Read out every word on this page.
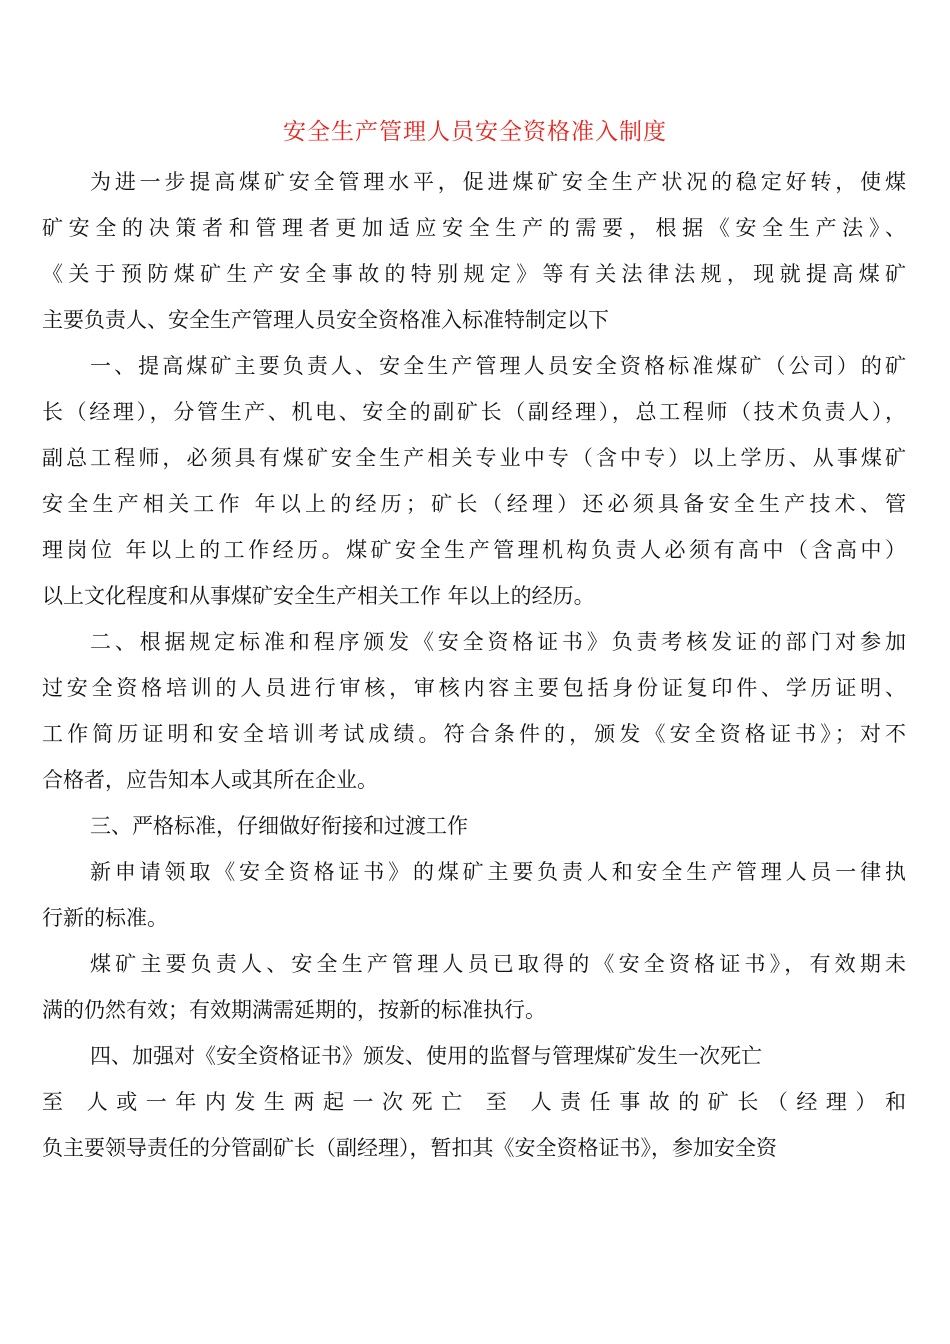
安全生产管理人员安全资格准入制度
为进一步提高煤矿安全管理水平，促进煤矿安全生产状况的稳定好转，使煤
矿安全的决策者和管理者更加适应安全生产的需要，根据《安全生产法》、
《关于预防煤矿生产安全事故的特别规定》等有关法律法规，现就提高煤矿
主要负责人、安全生产管理人员安全资格准入标准特制定以下
一、提高煤矿主要负责人、安全生产管理人员安全资格标准煤矿（公司）的矿
长（经理），分管生产、机电、安全的副矿长（副经理），总工程师（技术负责人），
副总工程师，必须具有煤矿安全生产相关专业中专（含中专）以上学历、从事煤矿
安全生产相关工作 年以上的经历；矿长（经理）还必须具备安全生产技术、管
理岗位 年以上的工作经历。煤矿安全生产管理机构负责人必须有高中（含高中）
以上文化程度和从事煤矿安全生产相关工作 年以上的经历。
二、根据规定标准和程序颁发《安全资格证书》负责考核发证的部门对参加
过安全资格培训的人员进行审核，审核内容主要包括身份证复印件、学历证明、
工作简历证明和安全培训考试成绩。符合条件的，颁发《安全资格证书》；对不
合格者，应告知本人或其所在企业。
三、严格标准，仔细做好衔接和过渡工作
新申请领取《安全资格证书》的煤矿主要负责人和安全生产管理人员一律执
行新的标准。
煤矿主要负责人、安全生产管理人员已取得的《安全资格证书》，有效期未
满的仍然有效；有效期满需延期的，按新的标准执行。
四、加强对《安全资格证书》颁发、使用的监督与管理煤矿发生一次死亡
至 人或一年内发生两起一次死亡 至 人责任事故的矿长（经理）和
负主要领导责任的分管副矿长（副经理），暂扣其《安全资格证书》，参加安全资
